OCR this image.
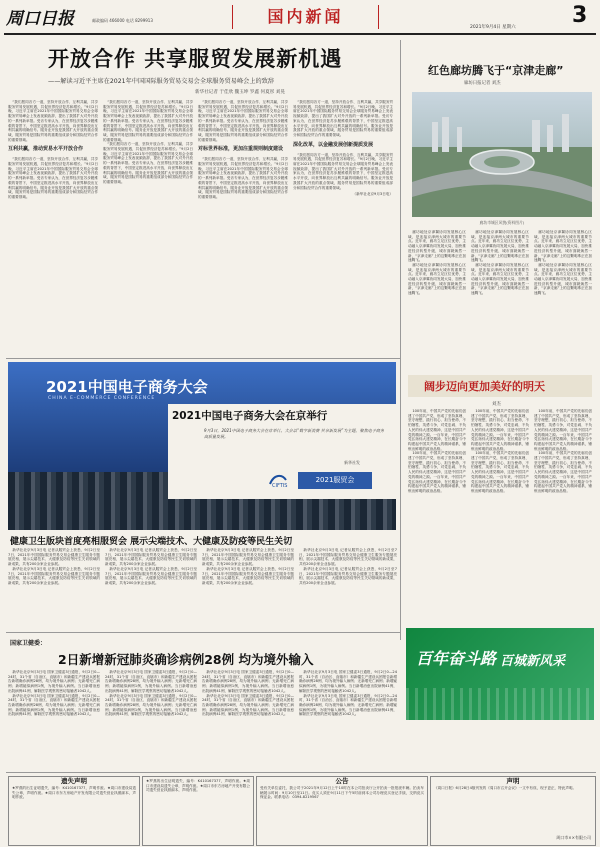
周口日报	邮政编码 466000 电话 8299913	国内新闻	3
2021年9月4日 星期六
开放合作 共享服贸发展新机遇
——解读习近平主席在2021年中国国际服务贸易交易会全球服务贸易峰会上的致辞
新华社记者 于佳欣 魏玉坤 罗鑫 何夏彤 刘晃

“我们愿同各方一道，坚持开放合作、互利共赢，共享服务贸易发展机遇，共促世界经济复苏和增长。”9月2日晚，习近平主席在2021年中国国际服务贸易交易会全球服务贸易峰会上发表视频致辞，提出了我国扩大对外开放的一系列新举措。受访专家认为，在世界经济复苏步履维艰的背景下，中国坚定推进高水平开放，向世界释放出互利共赢的明确信号。服务业开放是我国扩大开放的重点领域，服务贸易是国际贸易的重要组成部分和国际经贸合作的重要领域。

互利共赢，推动贸易水平开放合作

“我们愿同各方一道，坚持开放合作、互利共赢，共享服务贸易发展机遇，共促世界经济复苏和增长。”9月2日晚，习近平主席在2021年中国国际服务贸易交易会全球服务贸易峰会上发表视频致辞，提出了我国扩大对外开放的一系列新举措。受访专家认为，在世界经济复苏步履维艰的背景下，中国坚定推进高水平开放，向世界释放出互利共赢的明确信号。服务业开放是我国扩大开放的重点领域，服务贸易是国际贸易的重要组成部分和国际经贸合作的重要领域。

“我们愿同各方一道，坚持开放合作、互利共赢，共享服务贸易发展机遇，共促世界经济复苏和增长。”9月2日晚，习近平主席在2021年中国国际服务贸易交易会全球服务贸易峰会上发表视频致辞，提出了我国扩大对外开放的一系列新举措。受访专家认为，在世界经济复苏步履维艰的背景下，中国坚定推进高水平开放，向世界释放出互利共赢的明确信号。服务业开放是我国扩大开放的重点领域，服务贸易是国际贸易的重要组成部分和国际经贸合作的重要领域。

“我们愿同各方一道，坚持开放合作、互利共赢，共享服务贸易发展机遇，共促世界经济复苏和增长。”9月2日晚，习近平主席在2021年中国国际服务贸易交易会全球服务贸易峰会上发表视频致辞，提出了我国扩大对外开放的一系列新举措。受访专家认为，在世界经济复苏步履维艰的背景下，中国坚定推进高水平开放，向世界释放出互利共赢的明确信号。服务业开放是我国扩大开放的重点领域，服务贸易是国际贸易的重要组成部分和国际经贸合作的重要领域。

“我们愿同各方一道，坚持开放合作、互利共赢，共享服务贸易发展机遇，共促世界经济复苏和增长。”9月2日晚，习近平主席在2021年中国国际服务贸易交易会全球服务贸易峰会上发表视频致辞，提出了我国扩大对外开放的一系列新举措。受访专家认为，在世界经济复苏步履维艰的背景下，中国坚定推进高水平开放，向世界释放出互利共赢的明确信号。服务业开放是我国扩大开放的重点领域，服务贸易是国际贸易的重要组成部分和国际经贸合作的重要领域。

对标世界标准，更加注重规则制度建设

“我们愿同各方一道，坚持开放合作、互利共赢，共享服务贸易发展机遇，共促世界经济复苏和增长。”9月2日晚，习近平主席在2021年中国国际服务贸易交易会全球服务贸易峰会上发表视频致辞，提出了我国扩大对外开放的一系列新举措。受访专家认为，在世界经济复苏步履维艰的背景下，中国坚定推进高水平开放，向世界释放出互利共赢的明确信号。服务业开放是我国扩大开放的重点领域，服务贸易是国际贸易的重要组成部分和国际经贸合作的重要领域。

“我们愿同各方一道，坚持开放合作、互利共赢，共享服务贸易发展机遇，共促世界经济复苏和增长。”9月2日晚，习近平主席在2021年中国国际服务贸易交易会全球服务贸易峰会上发表视频致辞，提出了我国扩大对外开放的一系列新举措。受访专家认为，在世界经济复苏步履维艰的背景下，中国坚定推进高水平开放，向世界释放出互利共赢的明确信号。服务业开放是我国扩大开放的重点领域，服务贸易是国际贸易的重要组成部分和国际经贸合作的重要领域。

深化改革，以金融发展创新提质发展

“我们愿同各方一道，坚持开放合作、互利共赢，共享服务贸易发展机遇，共促世界经济复苏和增长。”9月2日晚，习近平主席在2021年中国国际服务贸易交易会全球服务贸易峰会上发表视频致辞，提出了我国扩大对外开放的一系列新举措。受访专家认为，在世界经济复苏步履维艰的背景下，中国坚定推进高水平开放，向世界释放出互利共赢的明确信号。服务业开放是我国扩大开放的重点领域，服务贸易是国际贸易的重要组成部分和国际经贸合作的重要领域。

（新华社北京9月3日电）
红色廊坊腾飞于“京津走廊”
廊坊日报记者 刘杰
廊坊市城区风貌(资料图片)

廊坊地处京津冀协同发展核心区域，是连接京津两大城市的重要节点。近年来，廊坊立足区位优势，主动融入京津冀协同发展大局，加快推进经济转型升级，城市面貌焕然一新，“京津走廊”上的这颗明珠正在加速腾飞。

廊坊地处京津冀协同发展核心区域，是连接京津两大城市的重要节点。近年来，廊坊立足区位优势，主动融入京津冀协同发展大局，加快推进经济转型升级，城市面貌焕然一新，“京津走廊”上的这颗明珠正在加速腾飞。

廊坊地处京津冀协同发展核心区域，是连接京津两大城市的重要节点。近年来，廊坊立足区位优势，主动融入京津冀协同发展大局，加快推进经济转型升级，城市面貌焕然一新，“京津走廊”上的这颗明珠正在加速腾飞。

廊坊地处京津冀协同发展核心区域，是连接京津两大城市的重要节点。近年来，廊坊立足区位优势，主动融入京津冀协同发展大局，加快推进经济转型升级，城市面貌焕然一新，“京津走廊”上的这颗明珠正在加速腾飞。

廊坊地处京津冀协同发展核心区域，是连接京津两大城市的重要节点。近年来，廊坊立足区位优势，主动融入京津冀协同发展大局，加快推进经济转型升级，城市面貌焕然一新，“京津走廊”上的这颗明珠正在加速腾飞。

廊坊地处京津冀协同发展核心区域，是连接京津两大城市的重要节点。近年来，廊坊立足区位优势，主动融入京津冀协同发展大局，加快推进经济转型升级，城市面貌焕然一新，“京津走廊”上的这颗明珠正在加速腾飞。

2021中国电子商务大会
CHINA E-COMMERCE CONFERENCE
2021中国电子商务大会在京举行
9月3日，2021中国电子商务大会在京举行。大会以“数字新消费 共享新发展”为主题，聚焦电子商务高质量发展。
新华社发
CIFTIS
2021服贸会
健康卫生版块首度亮相服贸会 展示尖端技术、大健康及防疫等民生关切

新华社北京9月3日电 记者从服贸会上获悉，9月2日至7日，2021年中国国际服务贸易交易会健康卫生服务专题展亮相，展示尖端技术、大健康及防疫等民生关切领域的新成果，共有200余家企业参展。

新华社北京9月3日电 记者从服贸会上获悉，9月2日至7日，2021年中国国际服务贸易交易会健康卫生服务专题展亮相，展示尖端技术、大健康及防疫等民生关切领域的新成果，共有200余家企业参展。

新华社北京9月3日电 记者从服贸会上获悉，9月2日至7日，2021年中国国际服务贸易交易会健康卫生服务专题展亮相，展示尖端技术、大健康及防疫等民生关切领域的新成果，共有200余家企业参展。

新华社北京9月3日电 记者从服贸会上获悉，9月2日至7日，2021年中国国际服务贸易交易会健康卫生服务专题展亮相，展示尖端技术、大健康及防疫等民生关切领域的新成果，共有200余家企业参展。

新华社北京9月3日电 记者从服贸会上获悉，9月2日至7日，2021年中国国际服务贸易交易会健康卫生服务专题展亮相，展示尖端技术、大健康及防疫等民生关切领域的新成果，共有200余家企业参展。

新华社北京9月3日电 记者从服贸会上获悉，9月2日至7日，2021年中国国际服务贸易交易会健康卫生服务专题展亮相，展示尖端技术、大健康及防疫等民生关切领域的新成果，共有200余家企业参展。

新华社北京9月3日电 记者从服贸会上获悉，9月2日至7日，2021年中国国际服务贸易交易会健康卫生服务专题展亮相，展示尖端技术、大健康及防疫等民生关切领域的新成果，共有200余家企业参展。

新华社北京9月3日电 记者从服贸会上获悉，9月2日至7日，2021年中国国际服务贸易交易会健康卫生服务专题展亮相，展示尖端技术、大健康及防疫等民生关切领域的新成果，共有200余家企业参展。

阔步迈向更加美好的明天
刘杰

100年前，中国共产党的先驱们创建了中国共产党，形成了坚持真理、坚守理想，践行初心、担当使命，不怕牺牲、英勇斗争，对党忠诚、不负人民的伟大建党精神，这是中国共产党的精神之源。一百年来，中国共产党弘扬伟大建党精神，在长期奋斗中构建起中国共产党人的精神谱系，锤炼出鲜明的政治品格。

100年前，中国共产党的先驱们创建了中国共产党，形成了坚持真理、坚守理想，践行初心、担当使命，不怕牺牲、英勇斗争，对党忠诚、不负人民的伟大建党精神，这是中国共产党的精神之源。一百年来，中国共产党弘扬伟大建党精神，在长期奋斗中构建起中国共产党人的精神谱系，锤炼出鲜明的政治品格。

100年前，中国共产党的先驱们创建了中国共产党，形成了坚持真理、坚守理想，践行初心、担当使命，不怕牺牲、英勇斗争，对党忠诚、不负人民的伟大建党精神，这是中国共产党的精神之源。一百年来，中国共产党弘扬伟大建党精神，在长期奋斗中构建起中国共产党人的精神谱系，锤炼出鲜明的政治品格。

100年前，中国共产党的先驱们创建了中国共产党，形成了坚持真理、坚守理想，践行初心、担当使命，不怕牺牲、英勇斗争，对党忠诚、不负人民的伟大建党精神，这是中国共产党的精神之源。一百年来，中国共产党弘扬伟大建党精神，在长期奋斗中构建起中国共产党人的精神谱系，锤炼出鲜明的政治品格。

100年前，中国共产党的先驱们创建了中国共产党，形成了坚持真理、坚守理想，践行初心、担当使命，不怕牺牲、英勇斗争，对党忠诚、不负人民的伟大建党精神，这是中国共产党的精神之源。一百年来，中国共产党弘扬伟大建党精神，在长期奋斗中构建起中国共产党人的精神谱系，锤炼出鲜明的政治品格。

100年前，中国共产党的先驱们创建了中国共产党，形成了坚持真理、坚守理想，践行初心、担当使命，不怕牺牲、英勇斗争，对党忠诚、不负人民的伟大建党精神，这是中国共产党的精神之源。一百年来，中国共产党弘扬伟大建党精神，在长期奋斗中构建起中国共产党人的精神谱系，锤炼出鲜明的政治品格。

百年奋斗路 百城新风采
国家卫健委：
2日新增新冠肺炎确诊病例28例 均为境外输入

新华社北京9月3日电 国家卫健委3日通报，9月2日0—24时，31个省（自治区、直辖市）和新疆生产建设兵团报告新增确诊病例28例，均为境外输入病例；无新增死亡病例；新增疑似病例1例，为境外输入病例。当日新增治愈出院病例41例，解除医学观察的密切接触者1042人。

新华社北京9月3日电 国家卫健委3日通报，9月2日0—24时，31个省（自治区、直辖市）和新疆生产建设兵团报告新增确诊病例28例，均为境外输入病例；无新增死亡病例；新增疑似病例1例，为境外输入病例。当日新增治愈出院病例41例，解除医学观察的密切接触者1042人。

新华社北京9月3日电 国家卫健委3日通报，9月2日0—24时，31个省（自治区、直辖市）和新疆生产建设兵团报告新增确诊病例28例，均为境外输入病例；无新增死亡病例；新增疑似病例1例，为境外输入病例。当日新增治愈出院病例41例，解除医学观察的密切接触者1042人。

新华社北京9月3日电 国家卫健委3日通报，9月2日0—24时，31个省（自治区、直辖市）和新疆生产建设兵团报告新增确诊病例28例，均为境外输入病例；无新增死亡病例；新增疑似病例1例，为境外输入病例。当日新增治愈出院病例41例，解除医学观察的密切接触者1042人。

新华社北京9月3日电 国家卫健委3日通报，9月2日0—24时，31个省（自治区、直辖市）和新疆生产建设兵团报告新增确诊病例28例，均为境外输入病例；无新增死亡病例；新增疑似病例1例，为境外输入病例。当日新增治愈出院病例41例，解除医学观察的密切接触者1042人。

新华社北京9月3日电 国家卫健委3日通报，9月2日0—24时，31个省（自治区、直辖市）和新疆生产建设兵团报告新增确诊病例28例，均为境外输入病例；无新增死亡病例；新增疑似病例1例，为境外输入病例。当日新增治愈出院病例41例，解除医学观察的密切接触者1042人。

新华社北京9月3日电 国家卫健委3日通报，9月2日0—24时，31个省（自治区、直辖市）和新疆生产建设兵团报告新增确诊病例28例，均为境外输入病例；无新增死亡病例；新增疑似病例1例，为境外输入病例。当日新增治愈出院病例41例，解除医学观察的密切接触者1042人。

新华社北京9月3日电 国家卫健委3日通报，9月2日0—24时，31个省（自治区、直辖市）和新疆生产建设兵团报告新增确诊病例28例，均为境外输入病例；无新增死亡病例；新增疑似病例1例，为境外输入病例。当日新增治愈出院病例41例，解除医学观察的密切接触者1042人。

遗失声明
★罗燕的出生证明遗失，编号：K410167377，声明作废。★周口市建设局遗失公章，声明作废。★周口市东方房地产开发有限公司遗失营业执照副本，声明作废。
★罗燕的出生证明遗失，编号：K410167377，声明作废。★周口市建设局遗失公章，声明作废。★周口市东方房地产开发有限公司遗失营业执照副本，声明作废。
公告
受有关单位委托，我公司于2021年9月12日上午10时在本公司拍卖厅公开拍卖一批报废车辆。拍卖车辆展示时间：9月10日至11日。竞买人须在9月11日下午5时前到本公司办理竞买登记手续，交纳竞买保证金。联系电话：0394-8219567
声明
《周口日报》6月28日4版刊发的《周口市召开会议》一文中有误，现予更正，特此声明。
周口市××有限公司
